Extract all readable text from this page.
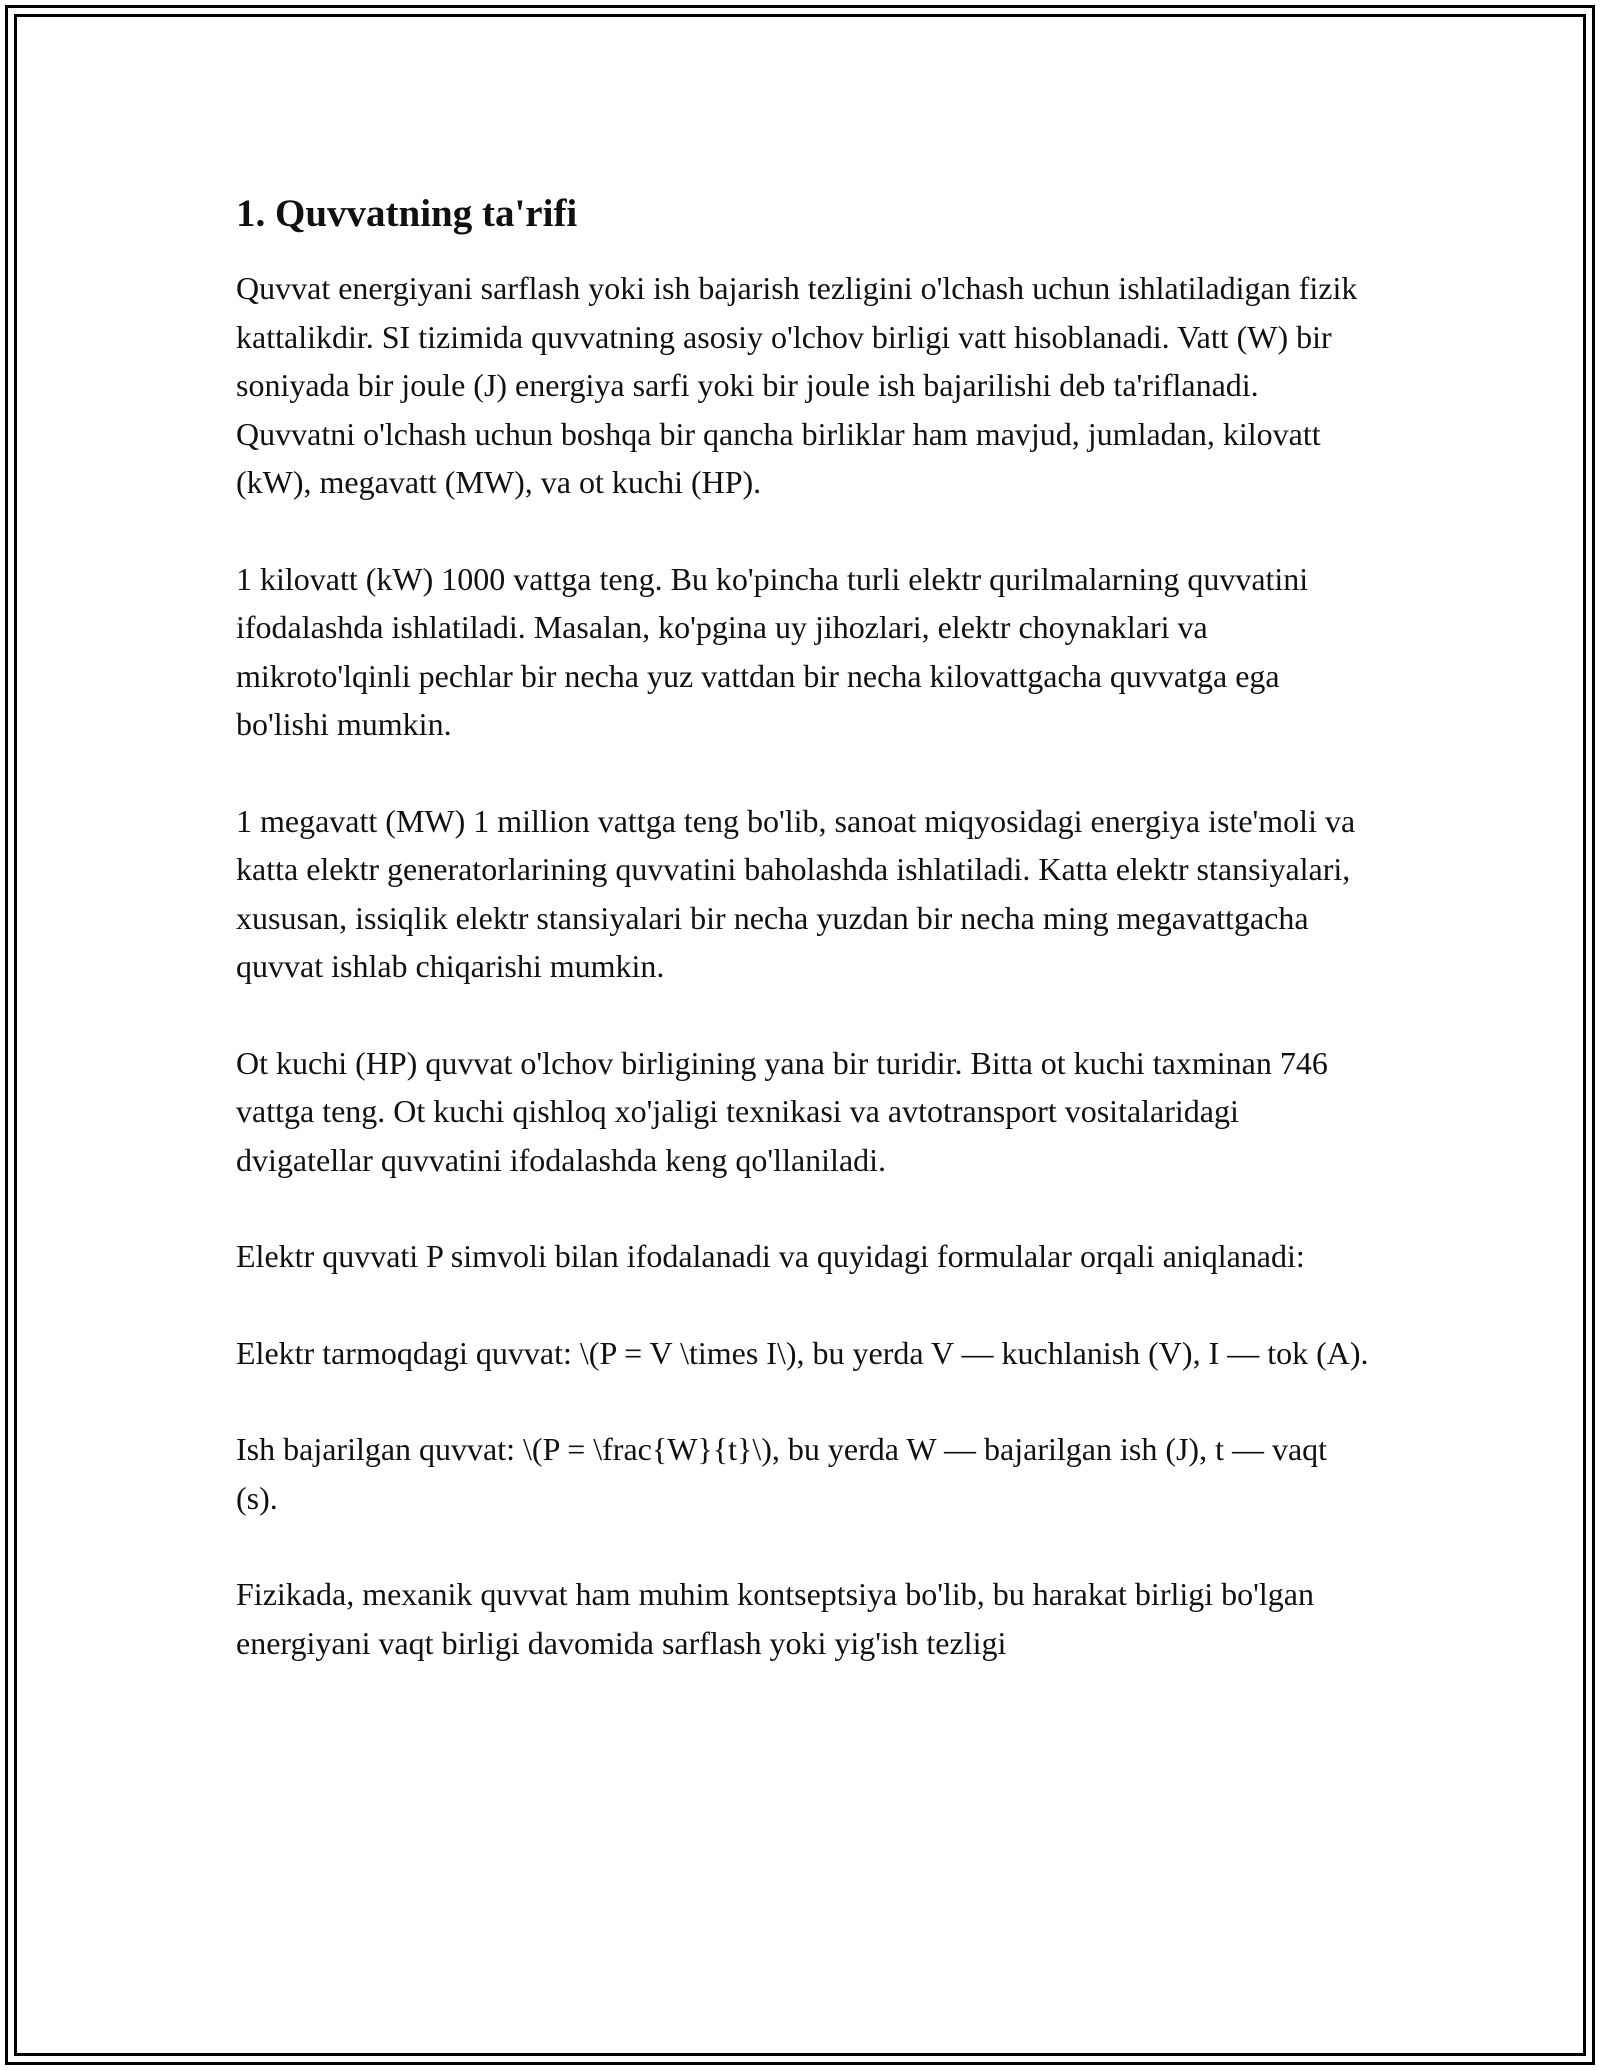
1. Quvvatning ta'rifi

Quvvat energiyani sarflash yoki ish bajarish tezligini o'lchash uchun ishlatiladigan fizik kattalikdir. SI tizimida quvvatning asosiy o'lchov birligi vatt hisoblanadi. Vatt (W) bir soniyada bir joule (J) energiya sarfi yoki bir joule ish bajarilishi deb ta'riflanadi. Quvvatni o'lchash uchun boshqa bir qancha birliklar ham mavjud, jumladan, kilovatt (kW), megavatt (MW), va ot kuchi (HP).

1 kilovatt (kW) 1000 vattga teng. Bu ko'pincha turli elektr qurilmalarning quvvatini ifodalashda ishlatiladi. Masalan, ko'pgina uy jihozlari, elektr choynaklari va mikroto'lqinli pechlar bir necha yuz vattdan bir necha kilovattgacha quvvatga ega bo'lishi mumkin.

1 megavatt (MW) 1 million vattga teng bo'lib, sanoat miqyosidagi energiya iste'moli va katta elektr generatorlarining quvvatini baholashda ishlatiladi. Katta elektr stansiyalari, xususan, issiqlik elektr stansiyalari bir necha yuzdan bir necha ming megavattgacha quvvat ishlab chiqarishi mumkin.

Ot kuchi (HP) quvvat o'lchov birligining yana bir turidir. Bitta ot kuchi taxminan 746 vattga teng. Ot kuchi qishloq xo'jaligi texnikasi va avtotransport vositalaridagi dvigatellar quvvatini ifodalashda keng qo'llaniladi.

Elektr quvvati P simvoli bilan ifodalanadi va quyidagi formulalar orqali aniqlanadi:

Elektr tarmoqdagi quvvat: \(P = V \times I\), bu yerda V — kuchlanish (V), I — tok (A).

Ish bajarilgan quvvat: \(P = \frac{W}{t}\), bu yerda W — bajarilgan ish (J), t — vaqt (s).

Fizikada, mexanik quvvat ham muhim kontseptsiya bo'lib, bu harakat birligi bo'lgan energiyani vaqt birligi davomida sarflash yoki yig'ish tezligi
